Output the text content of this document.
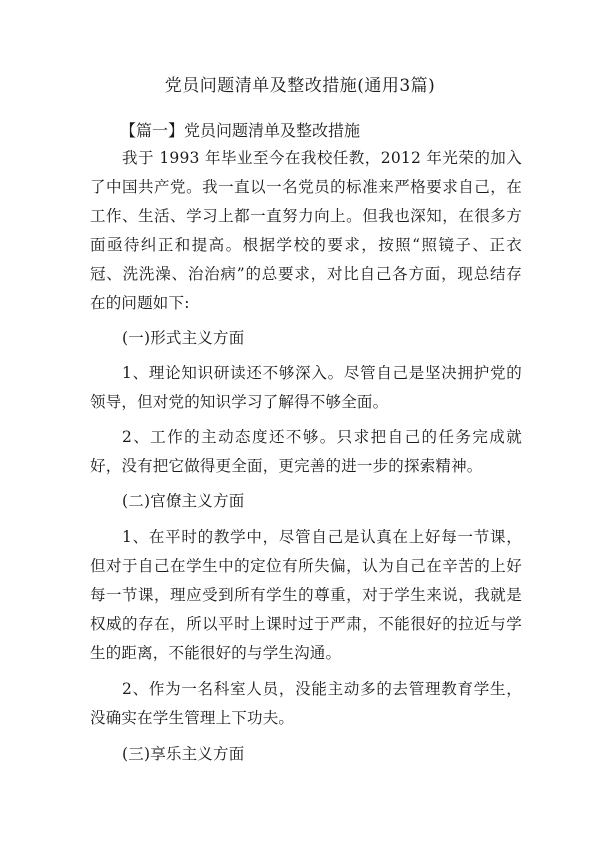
党员问题清单及整改措施(通用3篇)
【篇一】党员问题清单及整改措施

我于 1993 年毕业至今在我校任教，2012 年光荣的加入了中国共产党。我一直以一名党员的标准来严格要求自己，在工作、生活、学习上都一直努力向上。但我也深知，在很多方面亟待纠正和提高。根据学校的要求，按照“照镜子、正衣冠、洗洗澡、治治病”的总要求，对比自己各方面，现总结存在的问题如下:

(一)形式主义方面

1、理论知识研读还不够深入。尽管自己是坚决拥护党的领导，但对党的知识学习了解得不够全面。

2、工作的主动态度还不够。只求把自己的任务完成就好，没有把它做得更全面，更完善的进一步的探索精神。

(二)官僚主义方面

1、在平时的教学中，尽管自己是认真在上好每一节课，但对于自己在学生中的定位有所失偏，认为自己在辛苦的上好每一节课，理应受到所有学生的尊重，对于学生来说，我就是权威的存在，所以平时上课时过于严肃，不能很好的拉近与学生的距离，不能很好的与学生沟通。

2、作为一名科室人员，没能主动多的去管理教育学生，没确实在学生管理上下功夫。

(三)享乐主义方面
